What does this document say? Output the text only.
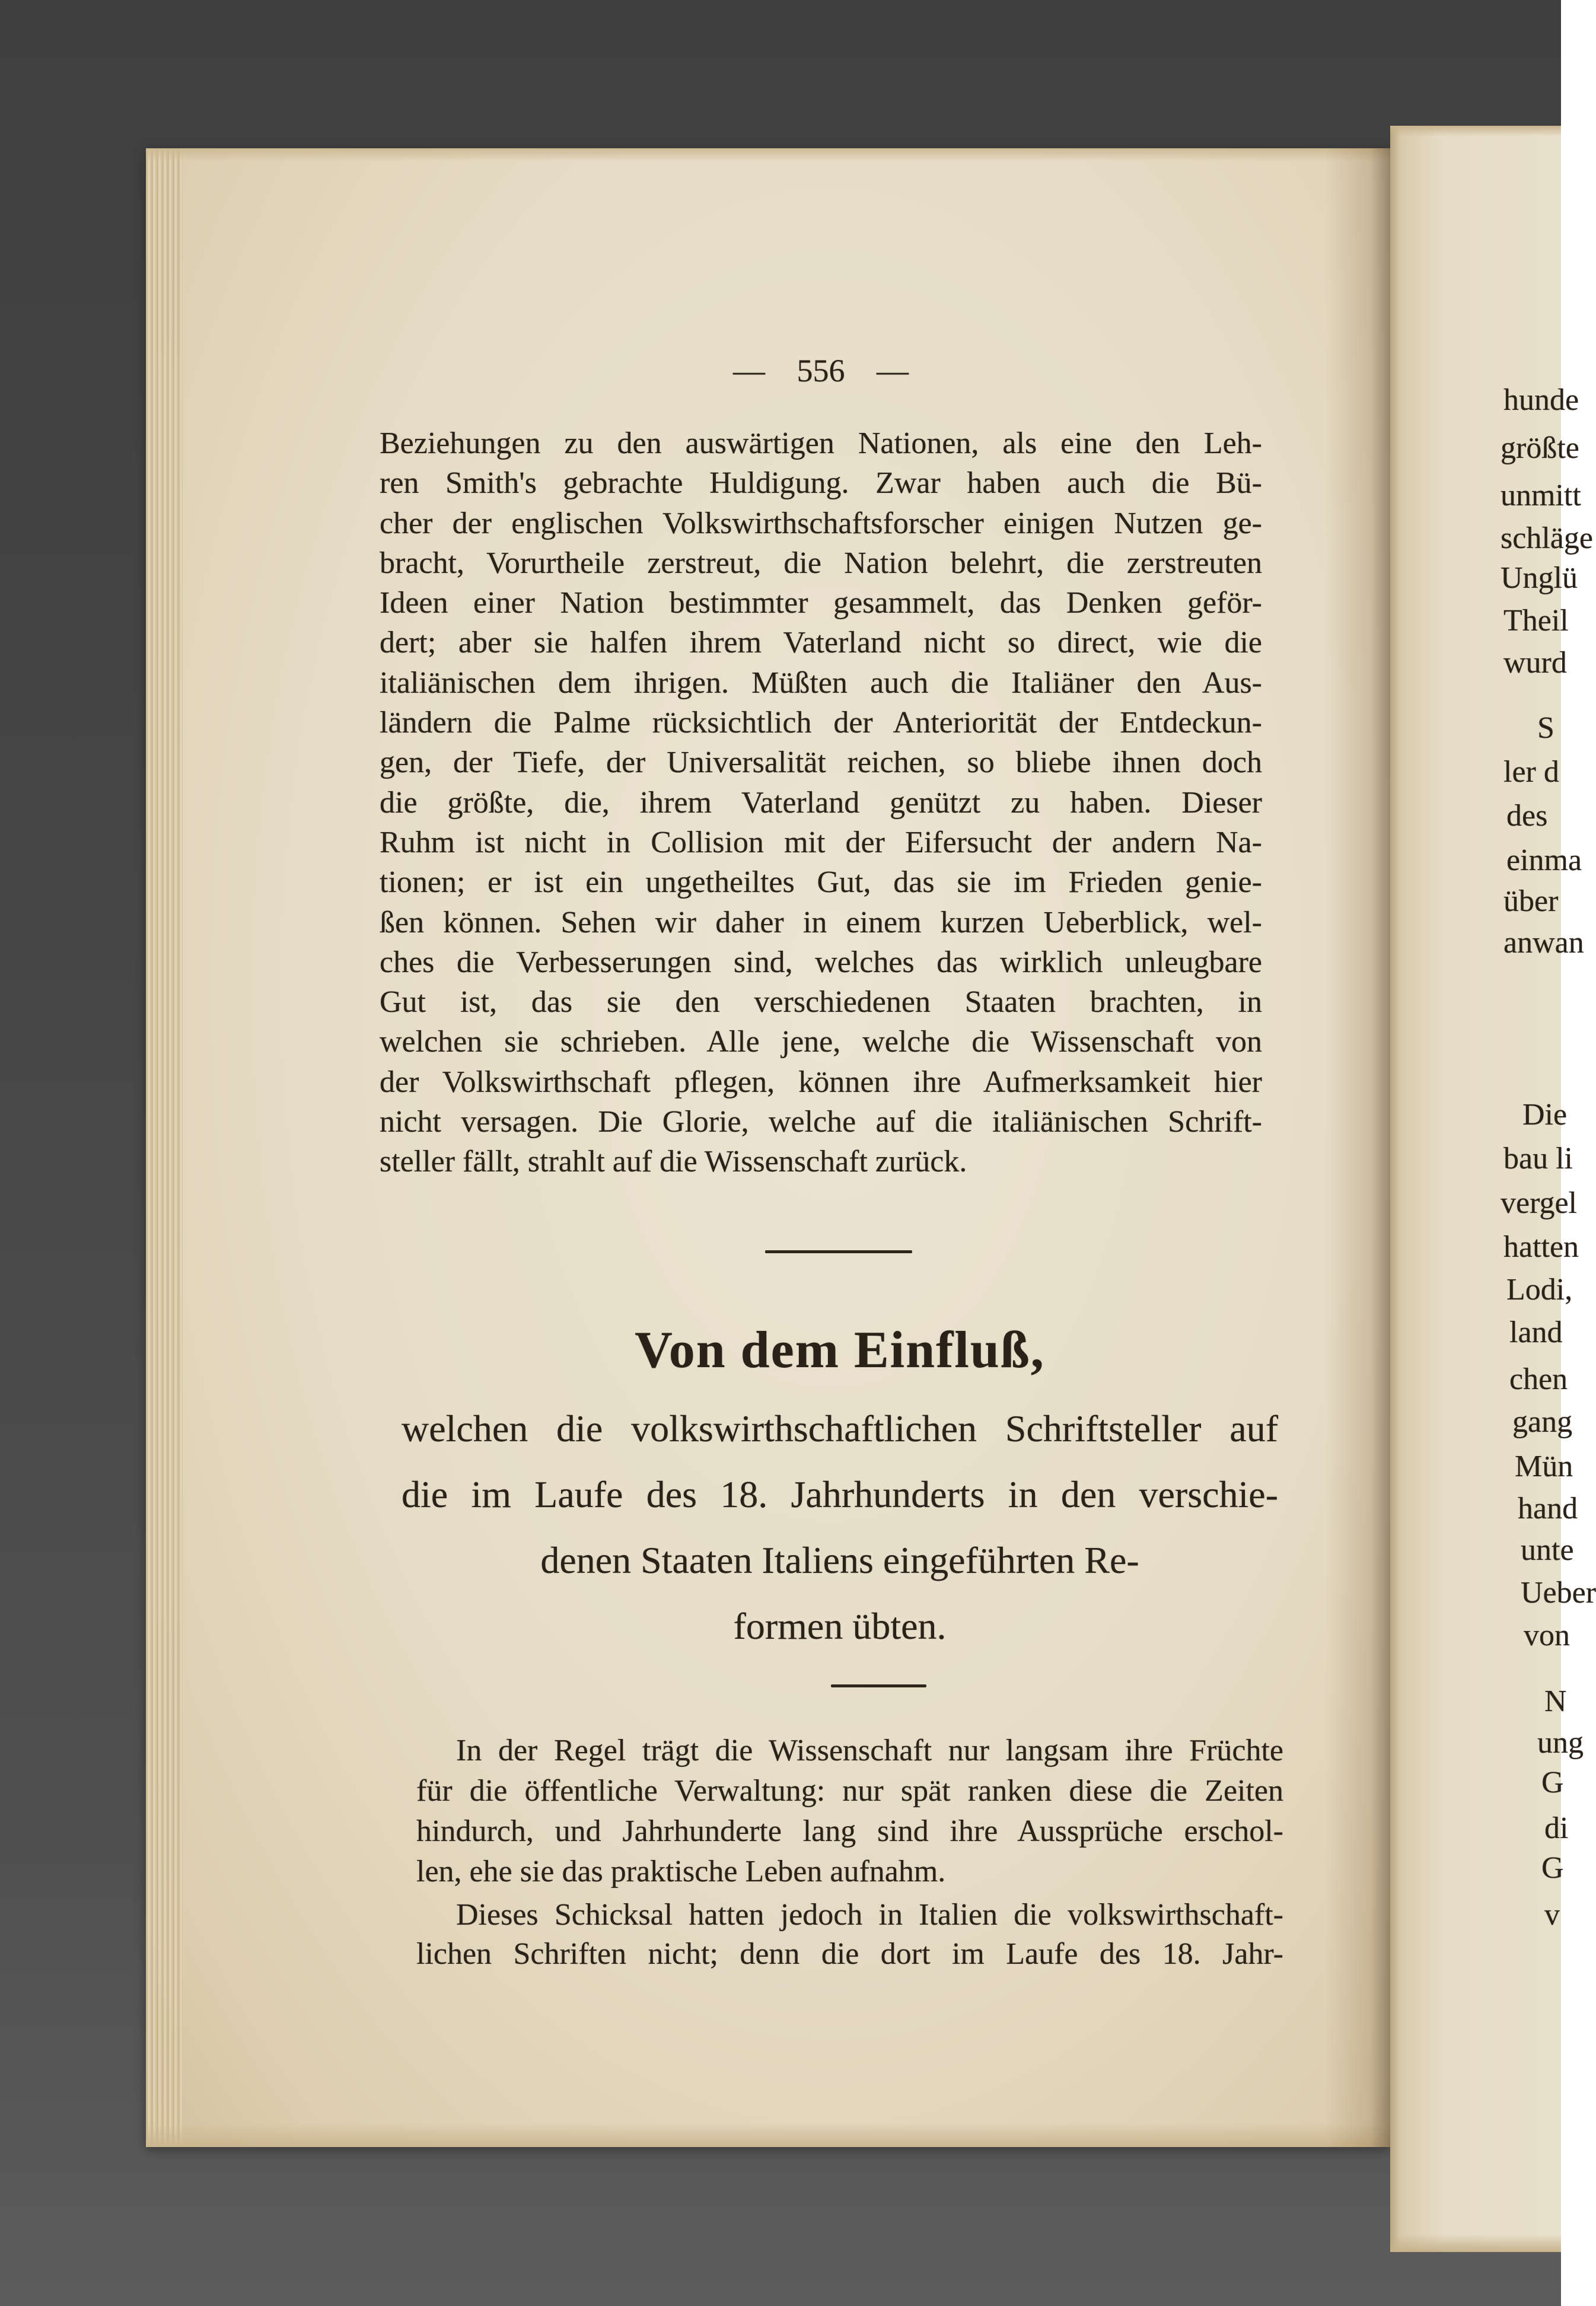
— 556 —
Beziehungen zu den auswärtigen Nationen, als eine den Leh-
ren Smith's gebrachte Huldigung. Zwar haben auch die Bü-
cher der englischen Volkswirthschaftsforscher einigen Nutzen ge-
bracht, Vorurtheile zerstreut, die Nation belehrt, die zerstreuten
Ideen einer Nation bestimmter gesammelt, das Denken geför-
dert; aber sie halfen ihrem Vaterland nicht so direct, wie die
italiänischen dem ihrigen. Müßten auch die Italiäner den Aus-
ländern die Palme rücksichtlich der Anteriorität der Entdeckun-
gen, der Tiefe, der Universalität reichen, so bliebe ihnen doch
die größte, die, ihrem Vaterland genützt zu haben. Dieser
Ruhm ist nicht in Collision mit der Eifersucht der andern Na-
tionen; er ist ein ungetheiltes Gut, das sie im Frieden genie-
ßen können. Sehen wir daher in einem kurzen Ueberblick, wel-
ches die Verbesserungen sind, welches das wirklich unleugbare
Gut ist, das sie den verschiedenen Staaten brachten, in
welchen sie schrieben. Alle jene, welche die Wissenschaft von
der Volkswirthschaft pflegen, können ihre Aufmerksamkeit hier
nicht versagen. Die Glorie, welche auf die italiänischen Schrift-
steller fällt, strahlt auf die Wissenschaft zurück.
Von dem Einfluß,
welchen die volkswirthschaftlichen Schriftsteller auf
die im Laufe des 18. Jahrhunderts in den verschie-
denen Staaten Italiens eingeführten Re-
formen übten.
In der Regel trägt die Wissenschaft nur langsam ihre Früchte
für die öffentliche Verwaltung: nur spät ranken diese die Zeiten
hindurch, und Jahrhunderte lang sind ihre Aussprüche erschol-
len, ehe sie das praktische Leben aufnahm.
Dieses Schicksal hatten jedoch in Italien die volkswirthschaft-
lichen Schriften nicht; denn die dort im Laufe des 18. Jahr-
hunde
größte
unmitt
schläge
Unglü
Theil
wurd
S
ler d
des
einma
über
anwan
Die
bau li
vergel
hatten
Lodi,
land
chen
gang
Mün
hand
unte
Ueber
von
N
ung
G
di
G
v
